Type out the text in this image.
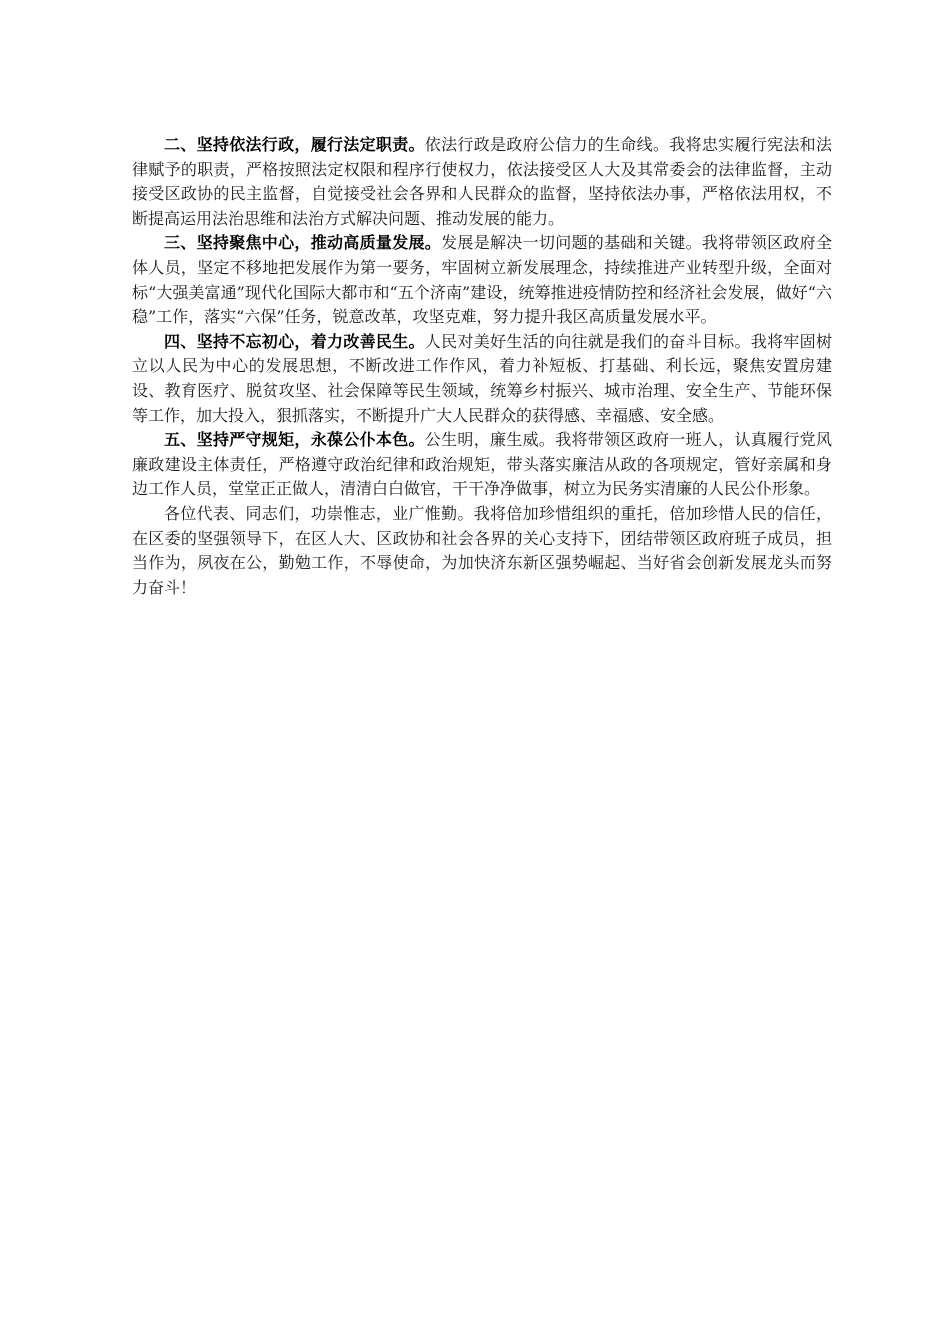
二、坚持依法行政，履行法定职责。依法行政是政府公信力的生命线。我将忠实履行宪法和法律赋予的职责，严格按照法定权限和程序行使权力，依法接受区人大及其常委会的法律监督，主动接受区政协的民主监督，自觉接受社会各界和人民群众的监督，坚持依法办事，严格依法用权，不断提高运用法治思维和法治方式解决问题、推动发展的能力。

三、坚持聚焦中心，推动高质量发展。发展是解决一切问题的基础和关键。我将带领区政府全体人员，坚定不移地把发展作为第一要务，牢固树立新发展理念，持续推进产业转型升级，全面对标“大强美富通”现代化国际大都市和“五个济南”建设，统筹推进疫情防控和经济社会发展，做好“六稳”工作，落实“六保”任务，锐意改革，攻坚克难，努力提升我区高质量发展水平。

四、坚持不忘初心，着力改善民生。人民对美好生活的向往就是我们的奋斗目标。我将牢固树立以人民为中心的发展思想，不断改进工作作风，着力补短板、打基础、利长远，聚焦安置房建设、教育医疗、脱贫攻坚、社会保障等民生领域，统筹乡村振兴、城市治理、安全生产、节能环保等工作，加大投入，狠抓落实，不断提升广大人民群众的获得感、幸福感、安全感。

五、坚持严守规矩，永葆公仆本色。公生明，廉生威。我将带领区政府一班人，认真履行党风廉政建设主体责任，严格遵守政治纪律和政治规矩，带头落实廉洁从政的各项规定，管好亲属和身边工作人员，堂堂正正做人，清清白白做官，干干净净做事，树立为民务实清廉的人民公仆形象。

各位代表、同志们，功崇惟志，业广惟勤。我将倍加珍惜组织的重托，倍加珍惜人民的信任，在区委的坚强领导下，在区人大、区政协和社会各界的关心支持下，团结带领区政府班子成员，担当作为，夙夜在公，勤勉工作，不辱使命，为加快济东新区强势崛起、当好省会创新发展龙头而努力奋斗！
